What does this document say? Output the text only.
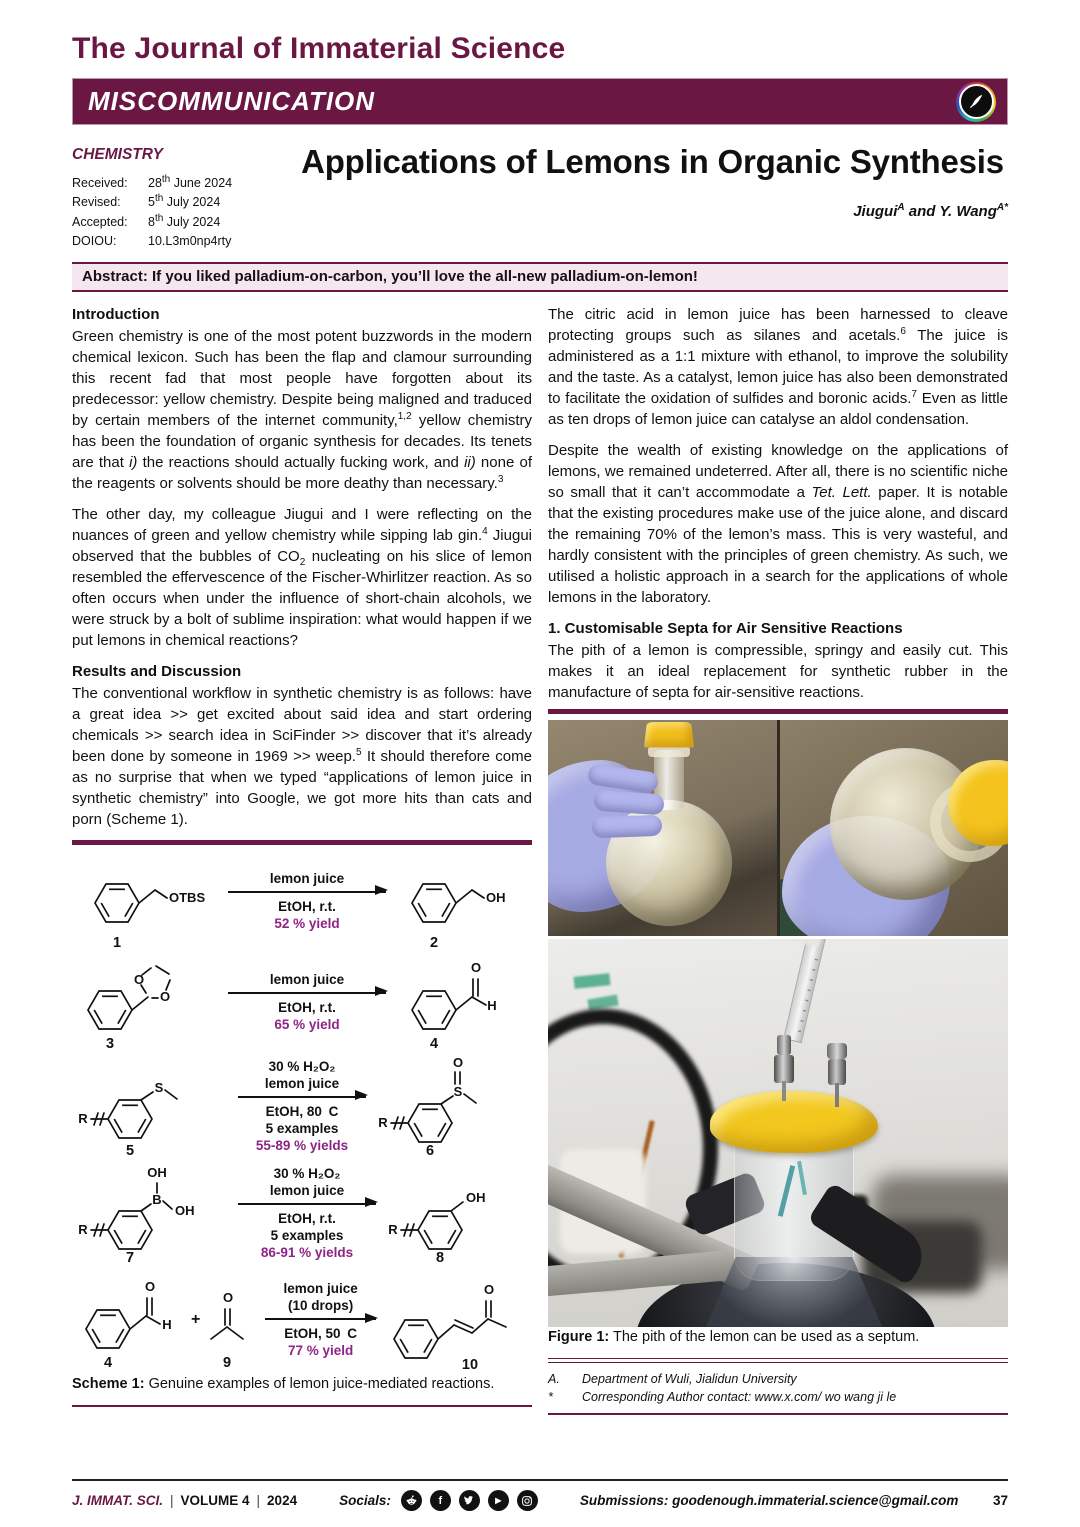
The Journal of Immaterial Science
MISCOMMUNICATION
CHEMISTRY
Received:	28th June 2024
Revised:	5th July 2024
Accepted:	8th July 2024
DOIOU:	10.L3m0np4rty
Applications of Lemons in Organic Synthesis
Jiugui$^A$ and Y. Wang$^{A*}$
Abstract: If you liked palladium-on-carbon, you’ll love the all-new palladium-on-lemon!
Introduction

Green chemistry is one of the most potent buzzwords in the modern chemical lexicon. Such has been the flap and clamour surrounding this recent fad that most people have forgotten about its predecessor: yellow chemistry. Despite being maligned and traduced by certain members of the internet community,$^{1,2}$ yellow chemistry has been the foundation of organic synthesis for decades. Its tenets are that i) the reactions should actually fucking work, and ii) none of the reagents or solvents should be more deathy than necessary.$^3$

The other day, my colleague Jiugui and I were reflecting on the nuances of green and yellow chemistry while sipping lab gin.$^4$ Jiugui observed that the bubbles of $CO_2$ nucleating on his slice of lemon resembled the effervescence of the Fischer-Whirlitzer reaction. As so often occurs when under the influence of short-chain alcohols, we were struck by a bolt of sublime inspiration: what would happen if we put lemons in chemical reactions?

Results and Discussion

The conventional workflow in synthetic chemistry is as follows: have a great idea >> get excited about said idea and start ordering chemicals >> search idea in SciFinder >> discover that it’s already been done by someone in 1969 >> weep.$^5$ It should therefore come as no surprise that when we typed “applications of lemon juice in synthetic chemistry” into Google, we got more hits than cats and porn (Scheme 1).

OTBS
1
lemon juice
EtOH, r.t.
52 % yield
OH
2
O
O
3
lemon juice
EtOH, r.t.
65 % yield
O
H
4
R
S
5
30 % H₂O₂
lemon juice
EtOH, 80 C
5 examples
55-89 % yields
R
S
O
6
R
B
OH
OH
7
30 % H₂O₂
lemon juice
EtOH, r.t.
5 examples
86-91 % yields
R
OH
8
O
H
4
+
O
9
lemon juice
(10 drops)
EtOH, 50 C
77 % yield
O
10

Scheme 1: Genuine examples of lemon juice-mediated reactions.

The citric acid in lemon juice has been harnessed to cleave protecting groups such as silanes and acetals.$^6$ The juice is administered as a 1:1 mixture with ethanol, to improve the solubility and the taste. As a catalyst, lemon juice has also been demonstrated to facilitate the oxidation of sulfides and boronic acids.$^7$ Even as little as ten drops of lemon juice can catalyse an aldol condensation.

Despite the wealth of existing knowledge on the applications of lemons, we remained undeterred. After all, there is no scientific niche so small that it can’t accommodate a Tet. Lett. paper. It is notable that the existing procedures make use of the juice alone, and discard the remaining 70% of the lemon’s mass. This is very wasteful, and hardly consistent with the principles of green chemistry. As such, we utilised a holistic approach in a search for the applications of whole lemons in the laboratory.

1. Customisable Septa for Air Sensitive Reactions

The pith of a lemon is compressible, springy and easily cut. This makes it an ideal replacement for synthetic rubber in the manufacture of septa for air-sensitive reactions.

Figure 1: The pith of the lemon can be used as a septum.

A.	Department of Wuli, Jialidun University
*	Corresponding Author contact: www.x.com/ wo wang ji le
J. IMMAT. SCI. | VOLUME 4 | 2024	Socials:	f	▶	Submissions: goodenough.immaterial.science@gmail.com	37
